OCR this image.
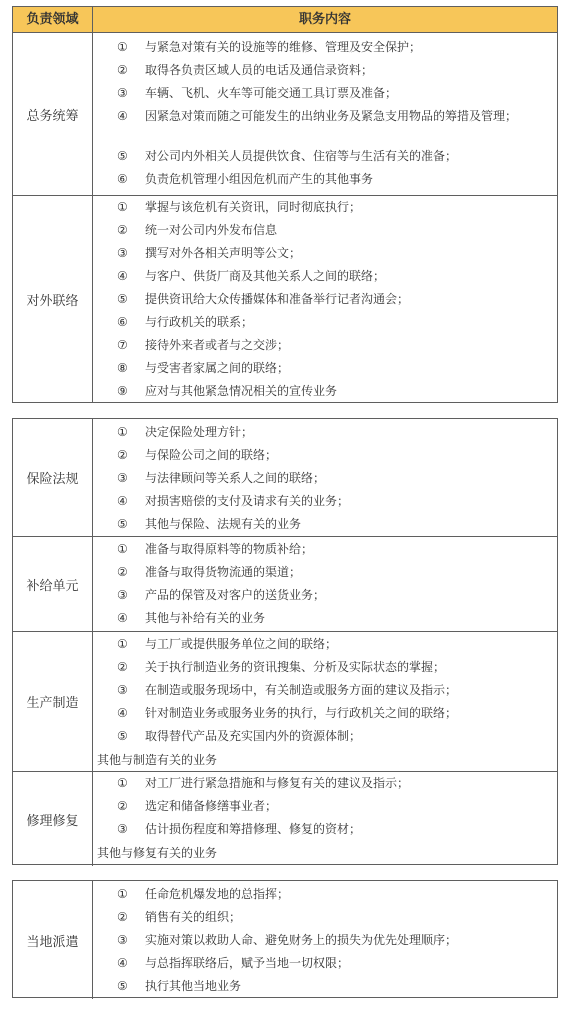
负责领域	职务内容
总务统筹
① 与紧急对策有关的设施等的维修、管理及安全保护；
② 取得各负责区域人员的电话及通信录资料；
③ 车辆、飞机、火车等可能交通工具订票及准备；
④ 因紧急对策而随之可能发生的出纳业务及紧急支用物品的筹措及管理；
⑤ 对公司内外相关人员提供饮食、住宿等与生活有关的准备；
⑥ 负责危机管理小组因危机而产生的其他事务
对外联络
① 掌握与该危机有关资讯，同时彻底执行；
② 统一对公司内外发布信息
③ 撰写对外各相关声明等公文；
④ 与客户、供货厂商及其他关系人之间的联络；
⑤ 提供资讯给大众传播媒体和准备举行记者沟通会；
⑥ 与行政机关的联系；
⑦ 接待外来者或者与之交涉；
⑧ 与受害者家属之间的联络；
⑨ 应对与其他紧急情况相关的宣传业务
保险法规
① 决定保险处理方针；
② 与保险公司之间的联络；
③ 与法律顾问等关系人之间的联络；
④ 对损害赔偿的支付及请求有关的业务；
⑤ 其他与保险、法规有关的业务
补给单元
① 准备与取得原料等的物质补给；
② 准备与取得货物流通的渠道；
③ 产品的保管及对客户的送货业务；
④ 其他与补给有关的业务
生产制造
① 与工厂或提供服务单位之间的联络；
② 关于执行制造业务的资讯搜集、分析及实际状态的掌握；
③ 在制造或服务现场中，有关制造或服务方面的建议及指示；
④ 针对制造业务或服务业务的执行，与行政机关之间的联络；
⑤ 取得替代产品及充实国内外的资源体制；
其他与制造有关的业务
修理修复
① 对工厂进行紧急措施和与修复有关的建议及指示；
② 选定和储备修缮事业者；
③ 估计损伤程度和筹措修理、修复的资材；
其他与修复有关的业务
当地派遣
① 任命危机爆发地的总指挥；
② 销售有关的组织；
③ 实施对策以救助人命、避免财务上的损失为优先处理顺序；
④ 与总指挥联络后，赋予当地一切权限；
⑤ 执行其他当地业务
